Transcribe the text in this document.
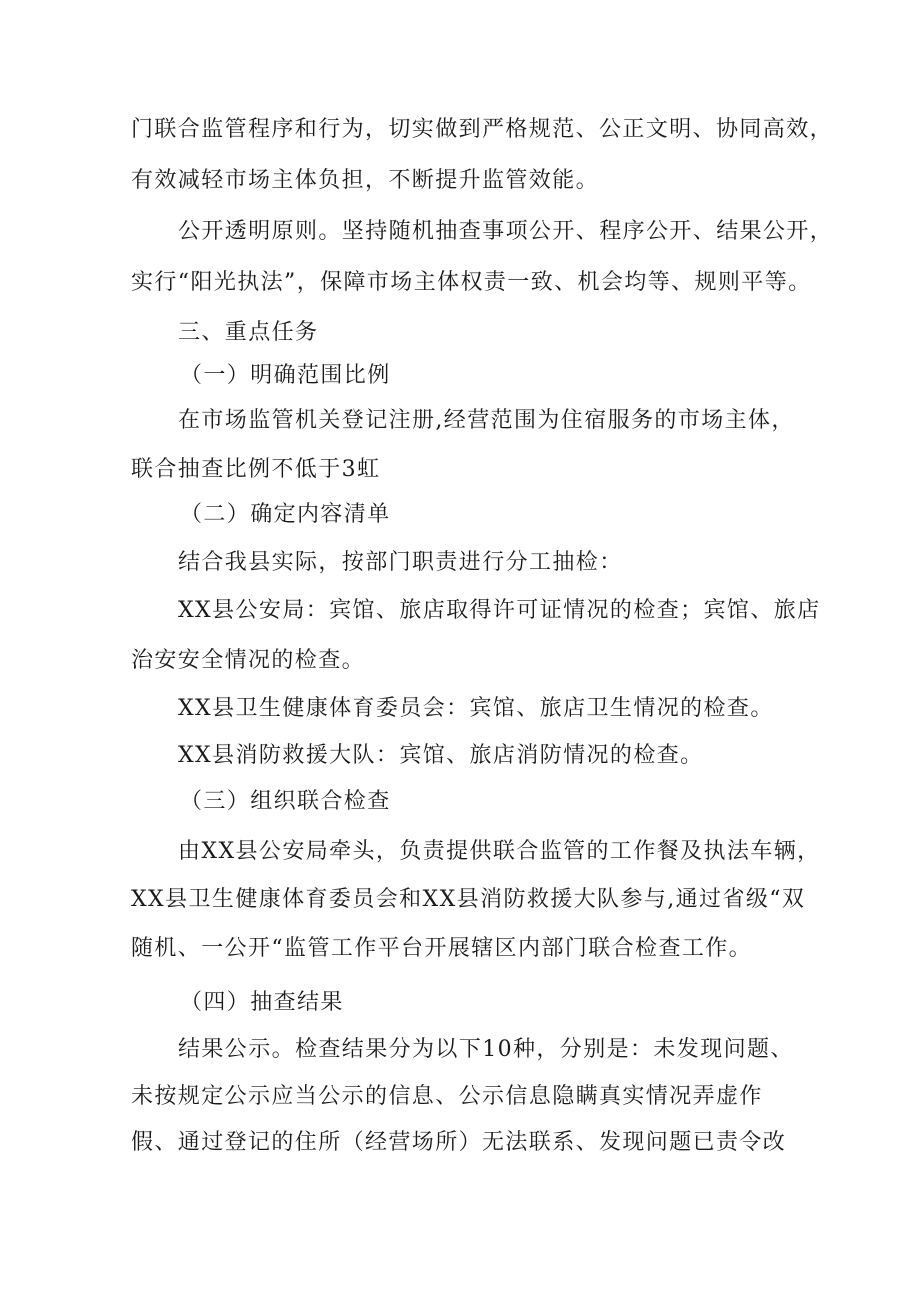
门联合监管程序和行为，切实做到严格规范、公正文明、协同高效，
有效减轻市场主体负担，不断提升监管效能。
公开透明原则。坚持随机抽查事项公开、程序公开、结果公开，
实行“阳光执法”，保障市场主体权责一致、机会均等、规则平等。
三、重点任务
（一）明确范围比例
在市场监管机关登记注册,经营范围为住宿服务的市场主体，
联合抽查比例不低于3虹
（二）确定内容清单
结合我县实际，按部门职责进行分工抽检：
XX县公安局：宾馆、旅店取得许可证情况的检查；宾馆、旅店
治安安全情况的检查。
XX县卫生健康体育委员会：宾馆、旅店卫生情况的检查。
XX县消防救援大队：宾馆、旅店消防情况的检查。
（三）组织联合检查
由XX县公安局牵头，负责提供联合监管的工作餐及执法车辆，
XX县卫生健康体育委员会和XX县消防救援大队参与,通过省级“双
随机、一公开“监管工作平台开展辖区内部门联合检查工作。
（四）抽查结果
结果公示。检查结果分为以下10种，分别是：未发现问题、
未按规定公示应当公示的信息、公示信息隐瞒真实情况弄虚作
假、通过登记的住所（经营场所）无法联系、发现问题已责令改
